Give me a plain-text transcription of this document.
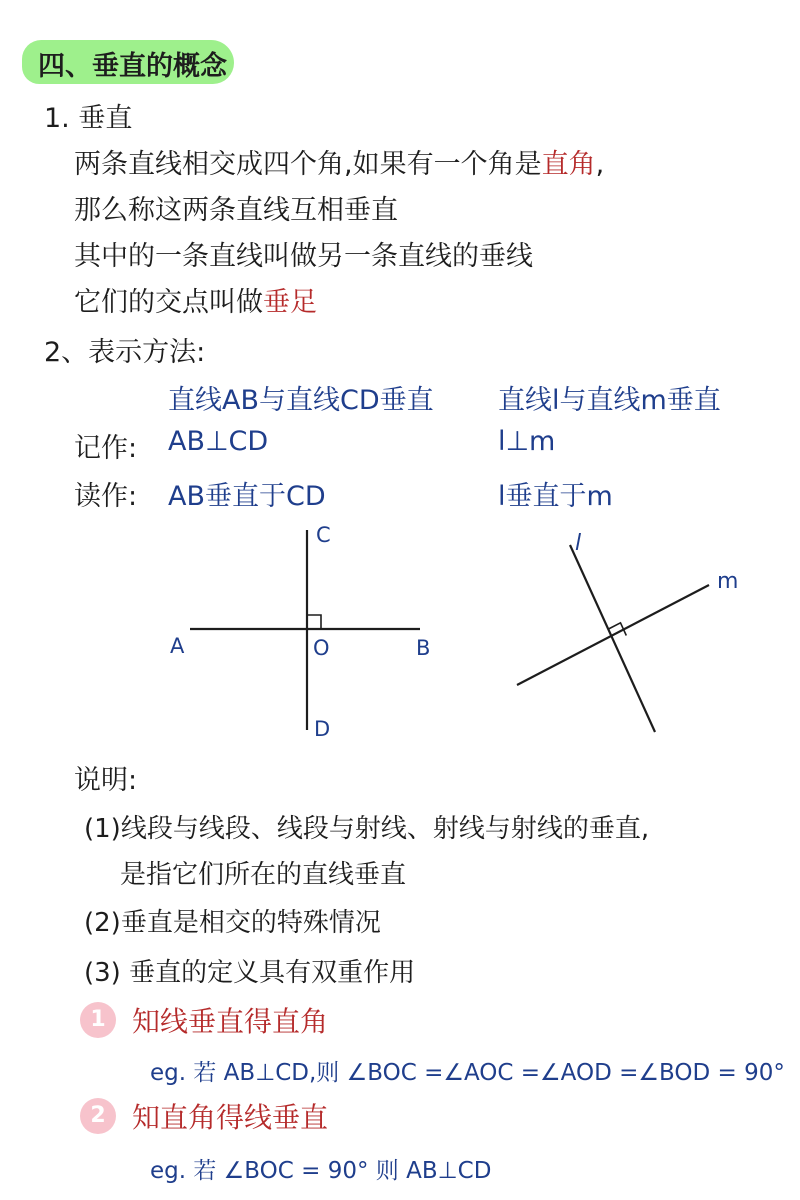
四、垂直的概念
1. 垂直
两条直线相交成四个角,如果有一个角是直角,
那么称这两条直线互相垂直
其中的一条直线叫做另一条直线的垂线
它们的交点叫做垂足
2、表示方法:
直线AB与直线CD垂直 直线l与直线m垂直
记作: AB⊥CD	l⊥m
读作: AB垂直于CD	l垂直于m
A	B
C
D
O
l
m
说明:
(1)线段与线段、线段与射线、射线与射线的垂直,
是指它们所在的直线垂直
(2)垂直是相交的特殊情况
(3) 垂直的定义具有双重作用
1 知线垂直得直角
eg. 若 AB⊥CD,则 ∠BOC =∠AOC =∠AOD =∠BOD = 90°
2 知直角得线垂直
eg. 若 ∠BOC = 90° 则 AB⊥CD
